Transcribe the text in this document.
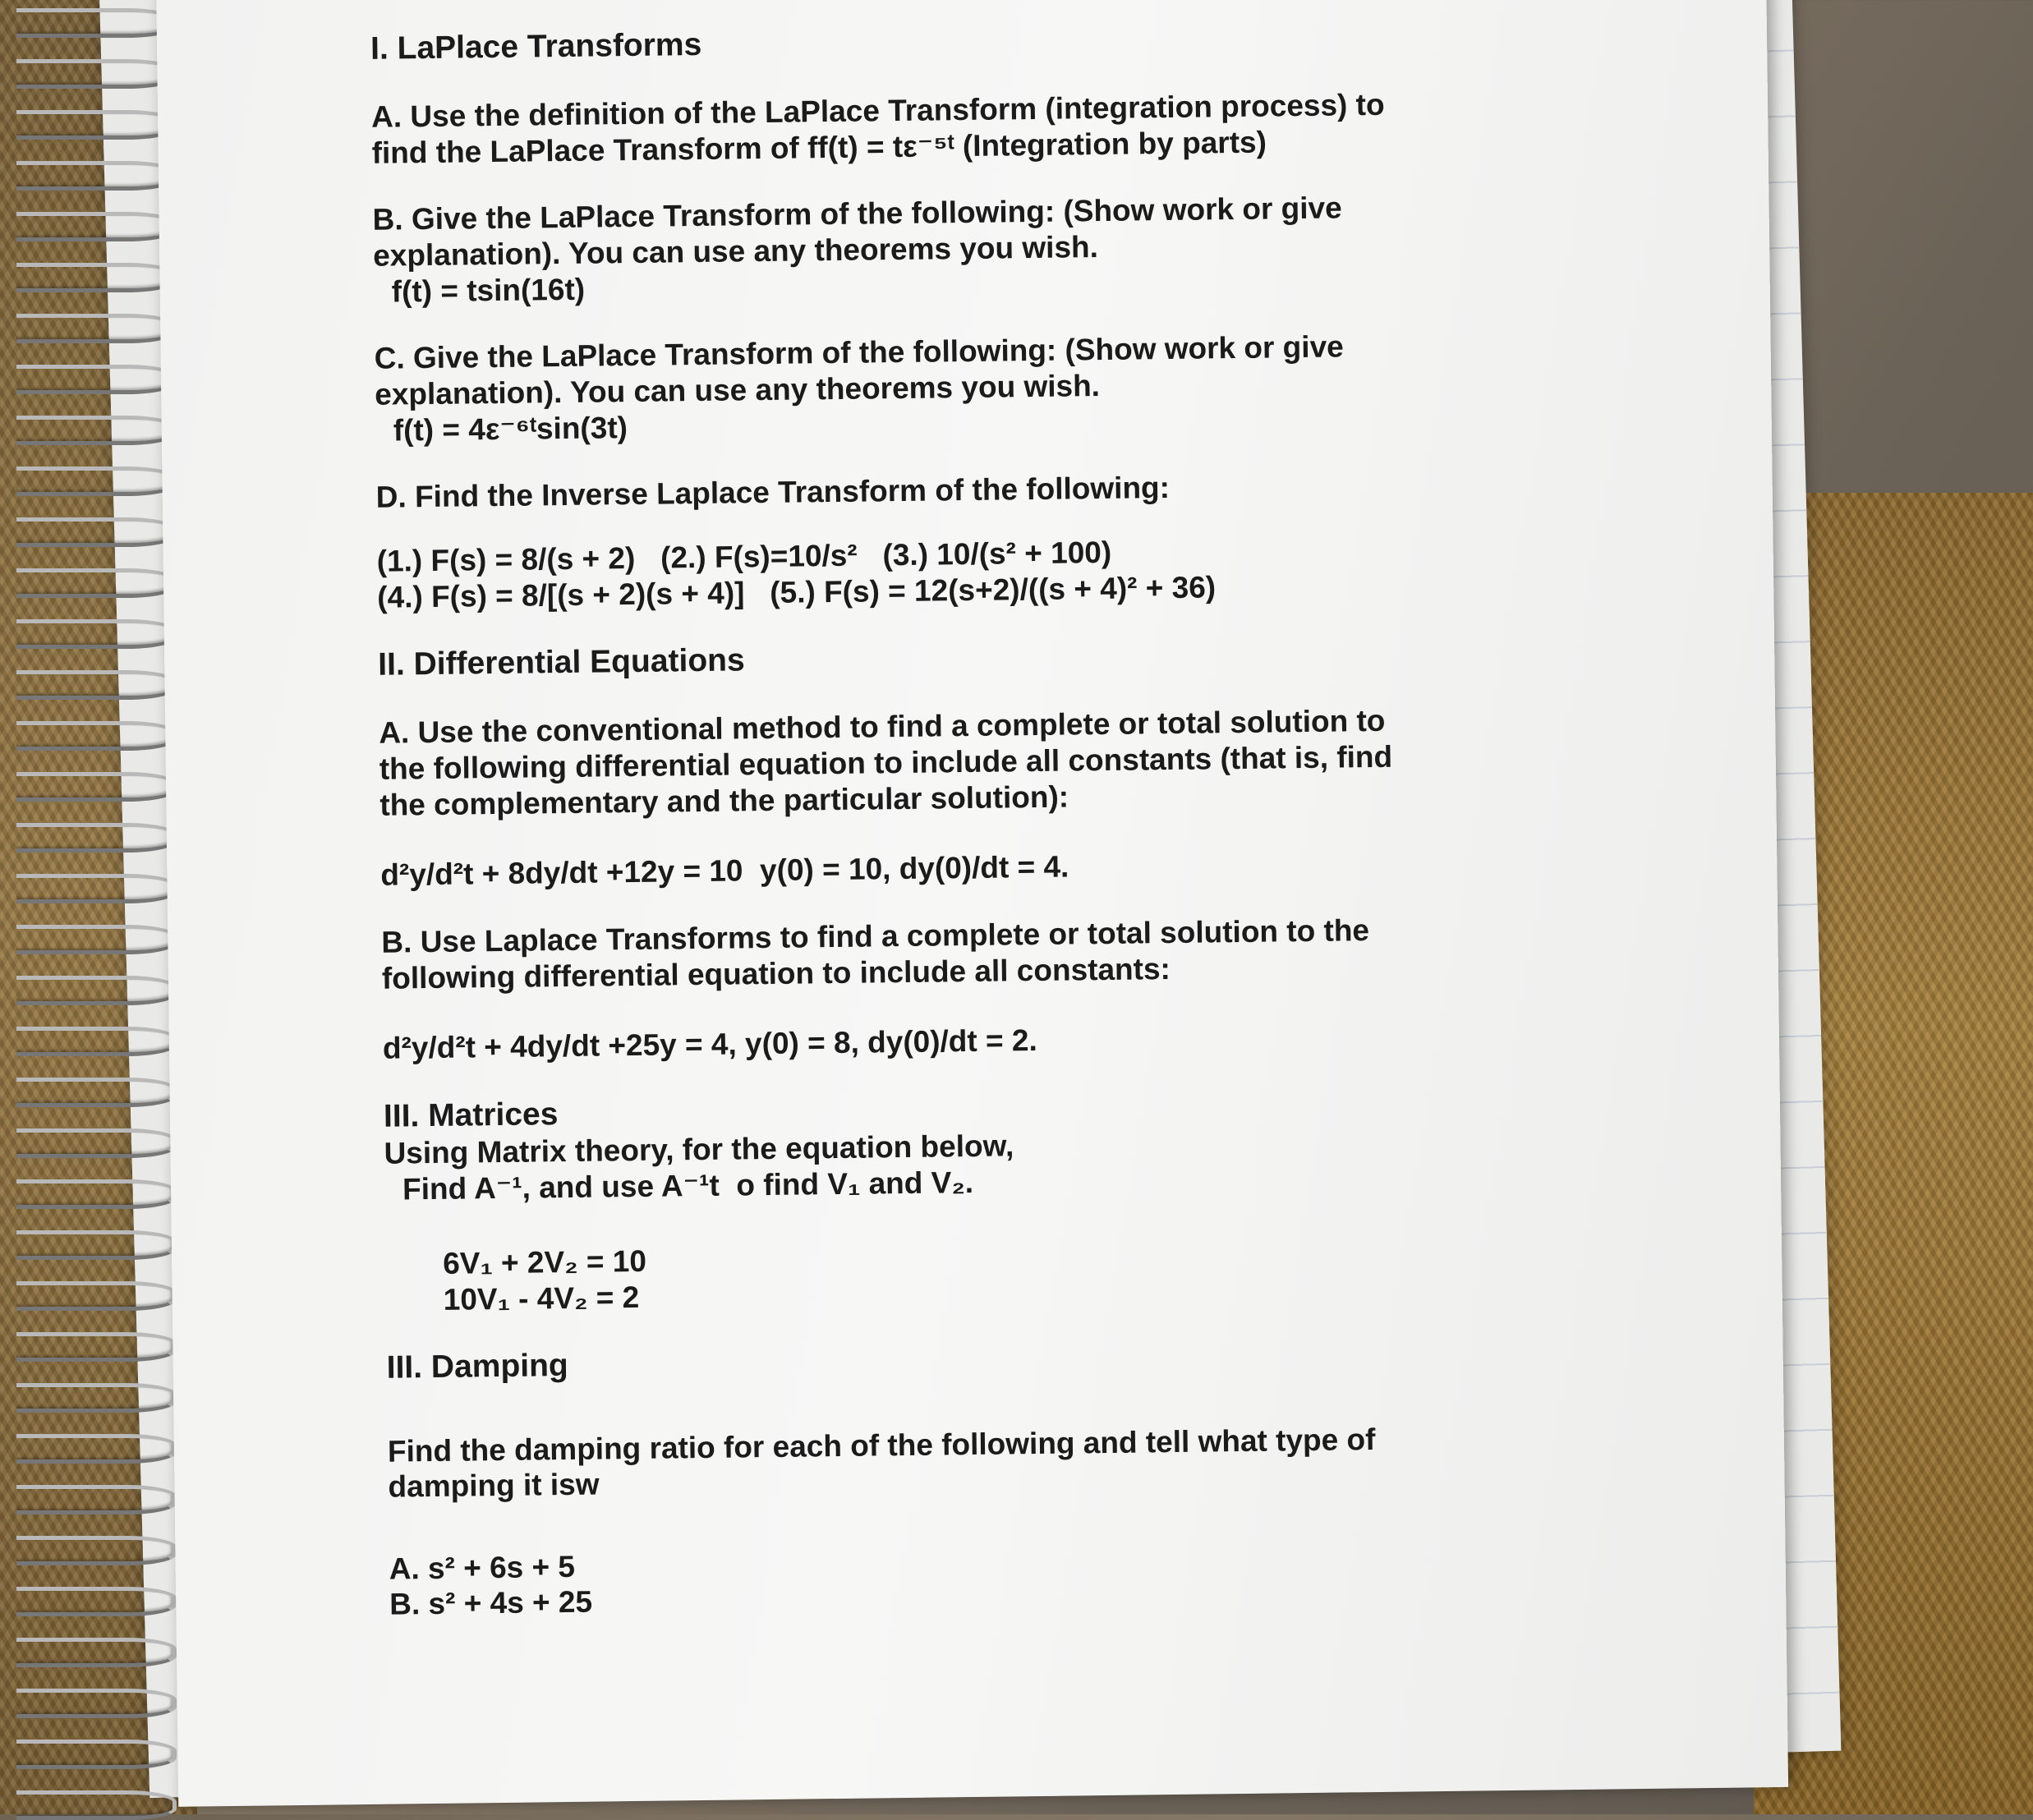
I. LaPlace Transforms

A. Use the definition of the LaPlace Transform (integration process) to

find the LaPlace Transform of ff(t) = tε⁻⁵ᵗ (Integration by parts)

B. Give the LaPlace Transform of the following: (Show work or give

explanation). You can use any theorems you wish.

f(t) = tsin(16t)

C. Give the LaPlace Transform of the following: (Show work or give

explanation). You can use any theorems you wish.

f(t) = 4ε⁻⁶ᵗsin(3t)

D. Find the Inverse Laplace Transform of the following:

(1.) F(s) = 8/(s + 2)   (2.) F(s)=10/s²   (3.) 10/(s² + 100)

(4.) F(s) = 8/[(s + 2)(s + 4)]   (5.) F(s) = 12(s+2)/((s + 4)² + 36)

II. Differential Equations

A. Use the conventional method to find a complete or total solution to

the following differential equation to include all constants (that is, find

the complementary and the particular solution):

d²y/d²t + 8dy/dt +12y = 10  y(0) = 10, dy(0)/dt = 4.

B. Use Laplace Transforms to find a complete or total solution to the

following differential equation to include all constants:

d²y/d²t + 4dy/dt +25y = 4, y(0) = 8, dy(0)/dt = 2.

III. Matrices

Using Matrix theory, for the equation below,

Find A⁻¹, and use A⁻¹t  o find V₁ and V₂.

6V₁ + 2V₂ = 10

10V₁ - 4V₂ = 2

III. Damping

Find the damping ratio for each of the following and tell what type of

damping it isw

A. s² + 6s + 5

B. s² + 4s + 25
